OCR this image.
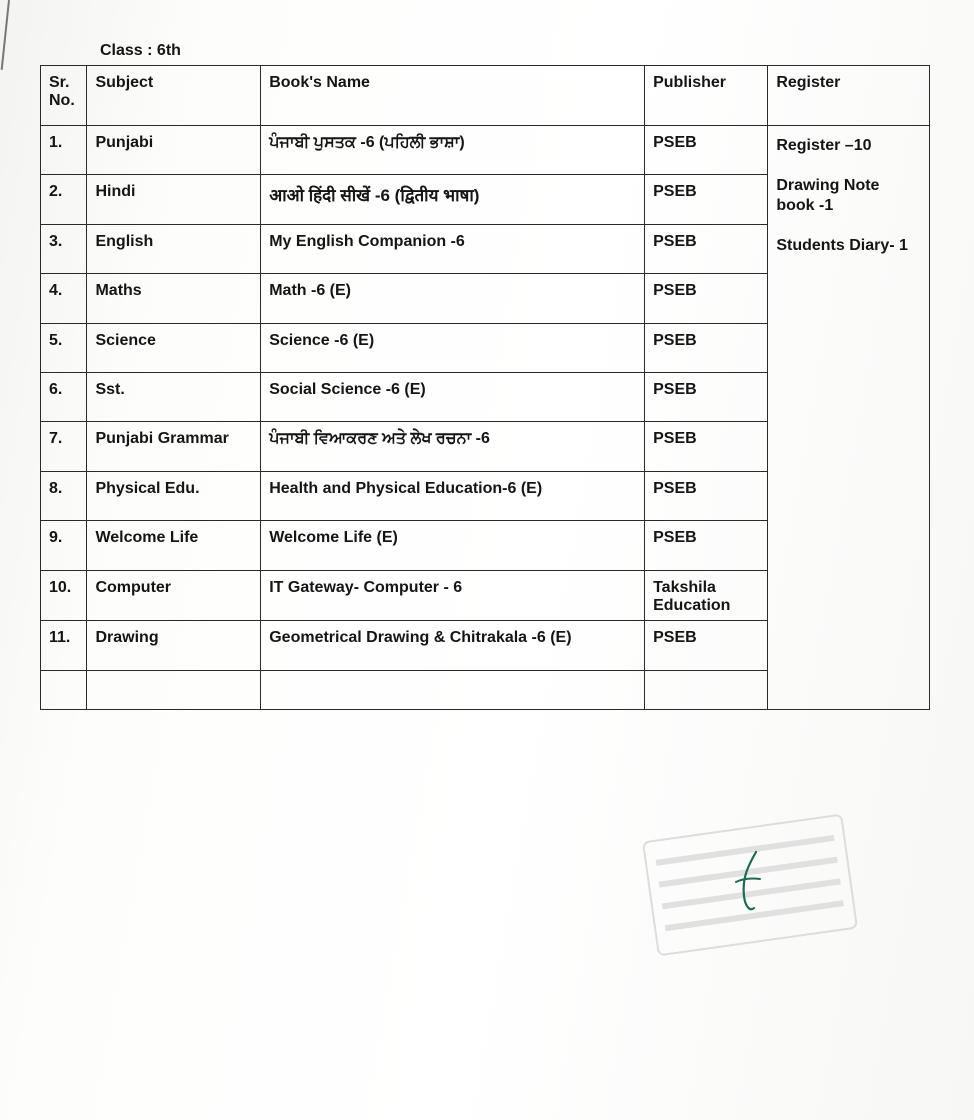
Class : 6th
Sr. No.	Subject	Book's Name	Publisher	Register
1.	Punjabi	ਪੰਜਾਬੀ ਪੁਸਤਕ -6 (ਪਹਿਲੀ ਭਾਸ਼ਾ)	PSEB	Register –10
Drawing Note book -1
Students Diary- 1

2.	Hindi	आओ हिंदी सीखें -6 (द्वितीय भाषा)	PSEB	
3.	English	My English Companion -6	PSEB	
4.	Maths	Math -6 (E)	PSEB	
5.	Science	Science -6 (E)	PSEB	
6.	Sst.	Social Science -6 (E)	PSEB	
7.	Punjabi Grammar	ਪੰਜਾਬੀ ਵਿਆਕਰਣ ਅਤੇ ਲੇਖ ਰਚਨਾ -6	PSEB	
8.	Physical Edu.	Health and Physical Education-6 (E)	PSEB	
9.	Welcome Life	Welcome Life (E)	PSEB	
10.	Computer	IT Gateway- Computer - 6	Takshila Education	
11.	Drawing	Geometrical Drawing & Chitrakala -6 (E)	PSEB	
